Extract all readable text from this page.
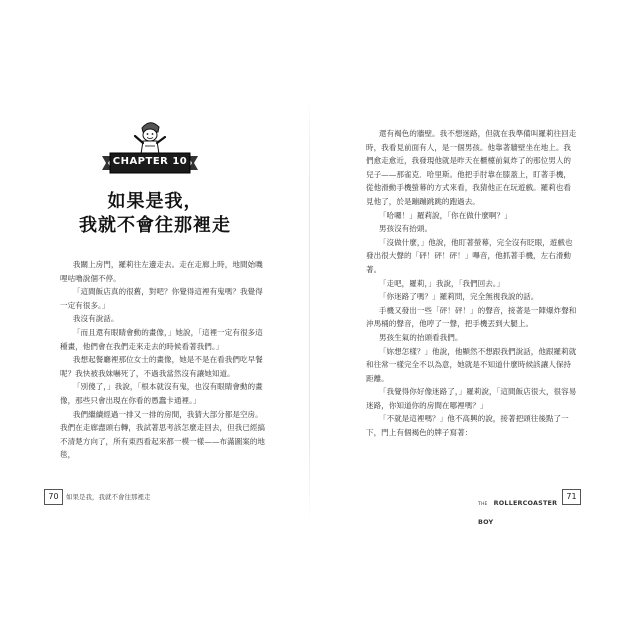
CHAPTER 10
如果是我，
我就不會往那裡走

我關上房門，羅莉往左邊走去。走在走廊上時，地間始嘰哩咕嚕說個不停。

「這間飯店真的很舊，對吧？你覺得這裡有鬼嗎？我覺得一定有很多。」

我沒有說話。

「而且還有眼睛會動的畫像，」她說，「這裡一定有很多這種畫，他們會在我們走來走去的時候看著我們。」

我想起餐廳裡那位女士的畫像，她是不是在看我們吃早餐呢？我快被我妹嚇死了，不過我當然沒有讓她知道。

「別傻了，」我說，「根本就沒有鬼，也沒有眼睛會動的畫像，那些只會出現在你看的愚蠢卡通裡。」

我們繼續經過一排又一排的房間，我猜大部分都是空房。我們在走廊盡頭右轉，我試著思考該怎麼走回去，但我已經搞不清楚方向了，所有東西看起來都一模一樣——布滿圖案的地毯，

70	如果是我，我就不會往那裡走

還有褐色的牆壁。我不想迷路，但就在我準備叫羅莉往回走時，我看見前面有人，是一個男孩。他靠著牆壁坐在地上。我們愈走愈近，我發現他就是昨天在櫃檯前氣炸了的那位男人的兒子——那雀克．哈里斯。他把手肘靠在膝蓋上，盯著手機，從他滑動手機螢幕的方式來看，我猜他正在玩遊戲。羅莉也看見他了，於是蹦蹦跳跳的跑過去。

「哈囉！」羅莉說，「你在做什麼啊？」

男孩沒有抬頭。

「沒做什麼，」他說，他盯著螢幕，完全沒有眨眼，遊戲也發出很大聲的「砰！砰！砰！」嗶音，他抓著手機，左右滑動著。

「走吧，羅莉，」我說，「我們回去。」

「你迷路了嗎？」羅莉問，完全無視我說的話。

手機又發出一些「砰！砰！」的聲音，接著是一陣爆炸聲和沖馬桶的聲音，他哼了一聲，把手機丟到大腿上。

男孩生氣的抬頭看我們。

「妳想怎樣？」他說，他顯然不想跟我們說話，他跟羅莉就和往常一樣完全不以為意，她就是不知道什麼時候該讓人保持距離。

「我覺得你好像迷路了，」羅莉說，「這間飯店很大，很容易迷路，你知道你的房間在哪裡嗎？」

「不就是這裡嗎？」他不高興的說，接著把頭往後點了一下，門上有個褐色的牌子寫著：

THE ROLLERCOASTER BOY
71
